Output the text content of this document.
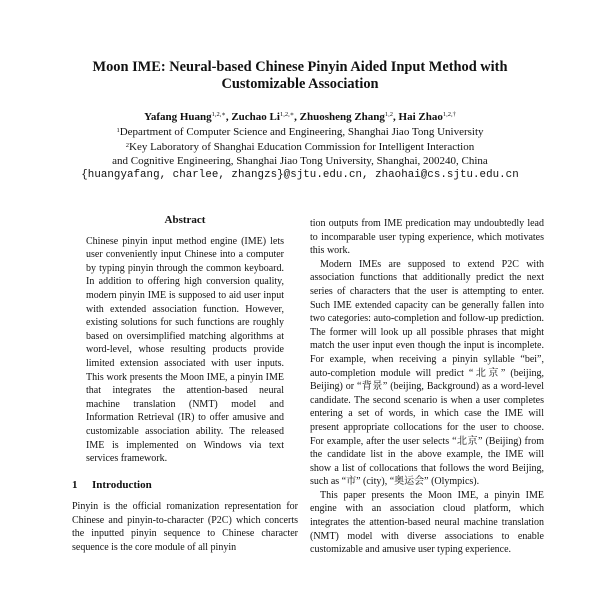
Moon IME: Neural-based Chinese Pinyin Aided Input Method with
Customizable Association
Yafang Huang$^{1,2,∗}$, Zuchao $Li^{1,2,∗}$, Zhuosheng Zhang$^{1,2}$, Hai Zhao$^{1,2,\dagger}$
$^1$Department of Computer Science and Engineering, Shanghai Jiao Tong University
$^2$Key Laboratory of Shanghai Education Commission for Intelligent Interaction
and Cognitive Engineering, Shanghai Jiao Tong University, Shanghai, 200240, China
{huangyafang, charlee, zhangzs}@sjtu.edu.cn, zhaohai@cs.sjtu.edu.cn
Abstract

Chinese pinyin input method engine (IME) lets user conveniently input Chinese into a computer by typing pinyin through the common keyboard. In addition to offering high conversion quality, modern pinyin IME is supposed to aid user input with extended association function. However, existing solutions for such functions are roughly based on oversimplified matching algorithms at word-level, whose resulting products provide limited extension associated with user inputs. This work presents the Moon IME, a pinyin IME that integrates the attention-based neural machine translation (NMT) model and Information Retrieval (IR) to offer amusive and customizable association ability. The released IME is implemented on Windows via text services framework.

1 Introduction

Pinyin is the official romanization representation for Chinese and pinyin-to-character (P2C) which concerts the inputted pinyin sequence to Chinese character sequence is the core module of all pinyin

tion outputs from IME predication may undoubtedly lead to incomparable user typing experience, which motivates this work.

Modern IMEs are supposed to extend P2C with association functions that additionally predict the next series of characters that the user is attempting to enter. Such IME extended capacity can be generally fallen into two categories: auto-completion and follow-up prediction. The former will look up all possible phrases that might match the user input even though the input is incomplete. For example, when receiving a pinyin syllable “bei”, auto-completion module will predict “北京” (beijing, Beijing) or “背景” (beijing, Background) as a word-level candidate. The second scenario is when a user completes entering a set of words, in which case the IME will present appropriate collocations for the user to choose. For example, after the user selects “北京” (Beijing) from the candidate list in the above example, the IME will show a list of collocations that follows the word Beijing, such as “市” (city), “奥运会” (Olympics).

This paper presents the Moon IME, a pinyin IME engine with an association cloud platform, which integrates the attention-based neural machine translation (NMT) model with diverse associations to enable customizable and amusive user typing experience.
